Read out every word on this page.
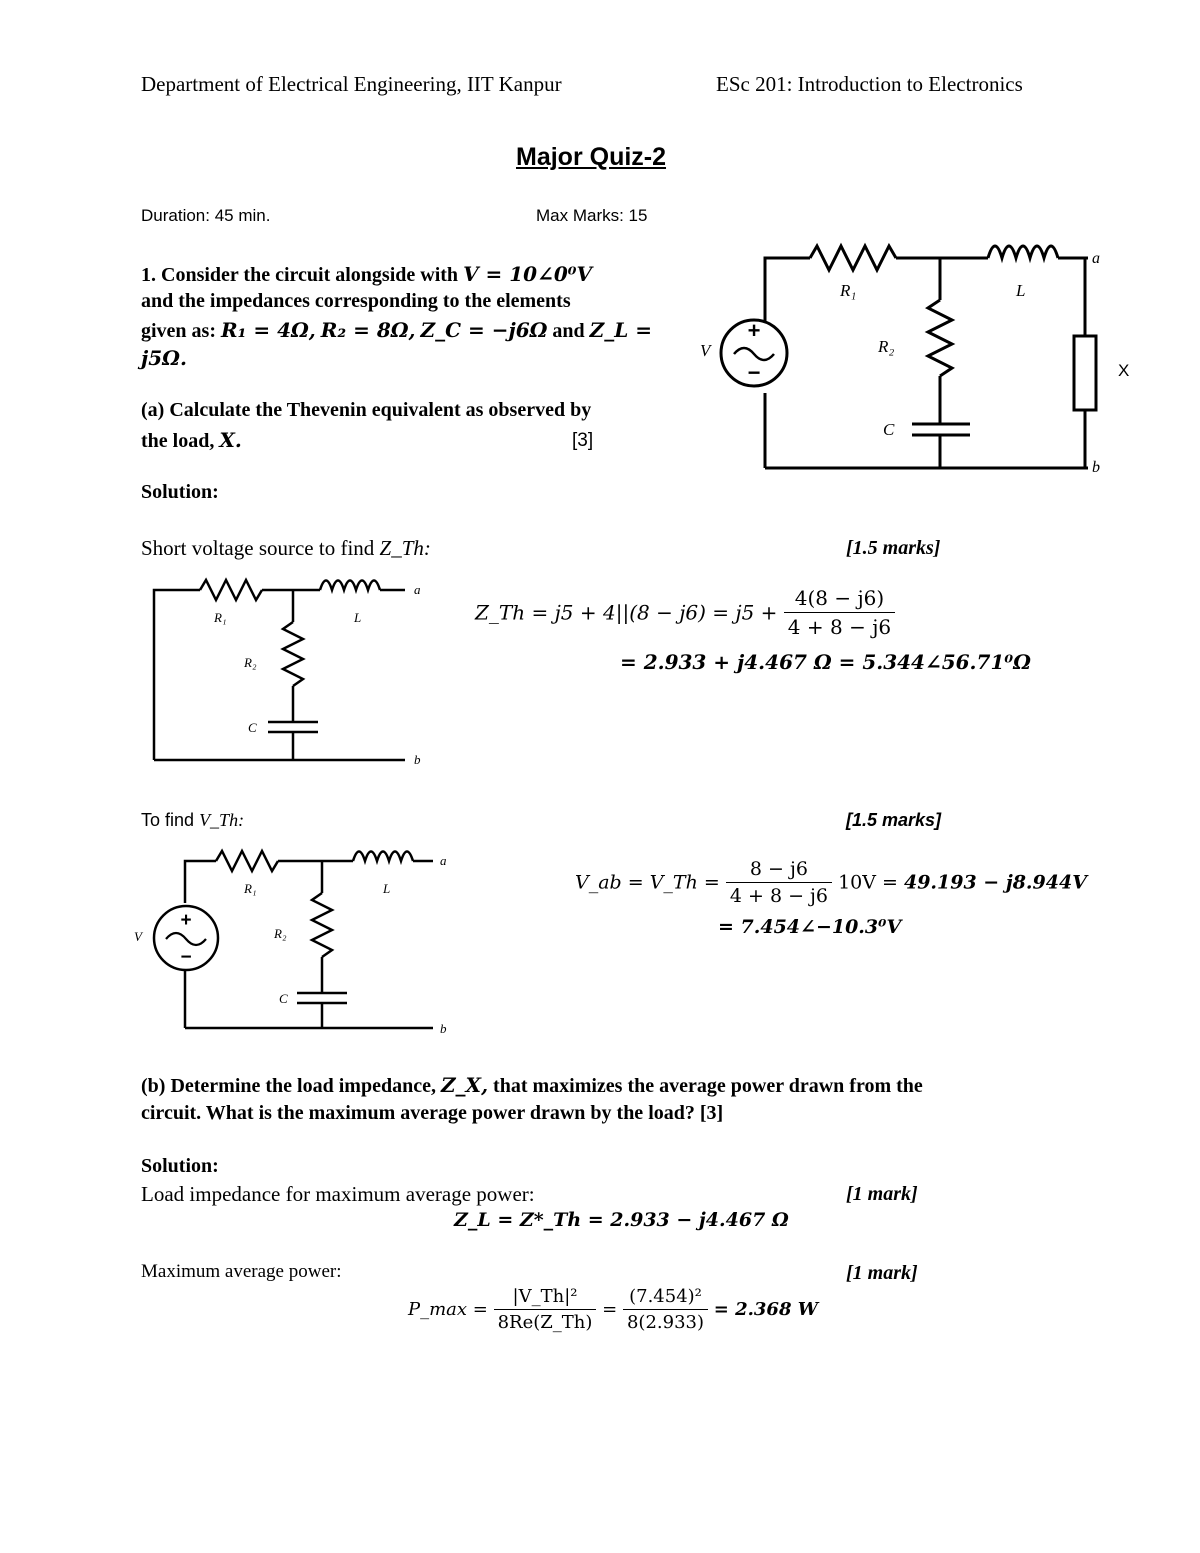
Department of Electrical Engineering, IIT Kanpur	ESc 201: Introduction to Electronics
Major Quiz-2
Duration: 45 min.	Max Marks: 15
1. Consider the circuit alongside with V = 10∠0⁰V
and the impedances corresponding to the elements
given as: R₁ = 4Ω, R₂ = 8Ω, Z_C = −j6Ω and Z_L =
j5Ω.
(a) Calculate the Thevenin equivalent as observed by
the load, X.	[3]
Solution:
+
−
V
R₁
R₂
L
C
a
b
X
Short voltage source to find Z_Th:	[1.5 marks]
R₁
R₂
L
C
a
b
Z_Th = $j5 + 4||(8 - j6) = j5 + \frac{4(8 - j6)}{4 + 8 - j6}$
= 2.933 + j4.467 Ω = 5.344∠56.71⁰Ω
To find V_Th:	[1.5 marks]
+
−
V
R₁
R₂
L
C
a
b
V_ab = V_Th = $\frac{8 - j6}{4 + 8 - j6} 10V = 49.193 - j8.944V$
= 7.454∠−10.3⁰V
(b) Determine the load impedance, Z_X, that maximizes the average power drawn from the
circuit. What is the maximum average power drawn by the load? [3]
Solution:
Load impedance for maximum average power:	[1 mark]
Z_L = Z*_Th = 2.933 − j4.467 Ω
Maximum average power:	[1 mark]
P_max = $\frac{\text{|V\_Th|²}}{8Re(Z\_Th)} = \frac{\text{(7.454)²}}{8(2.933)} = 2.368$ W
